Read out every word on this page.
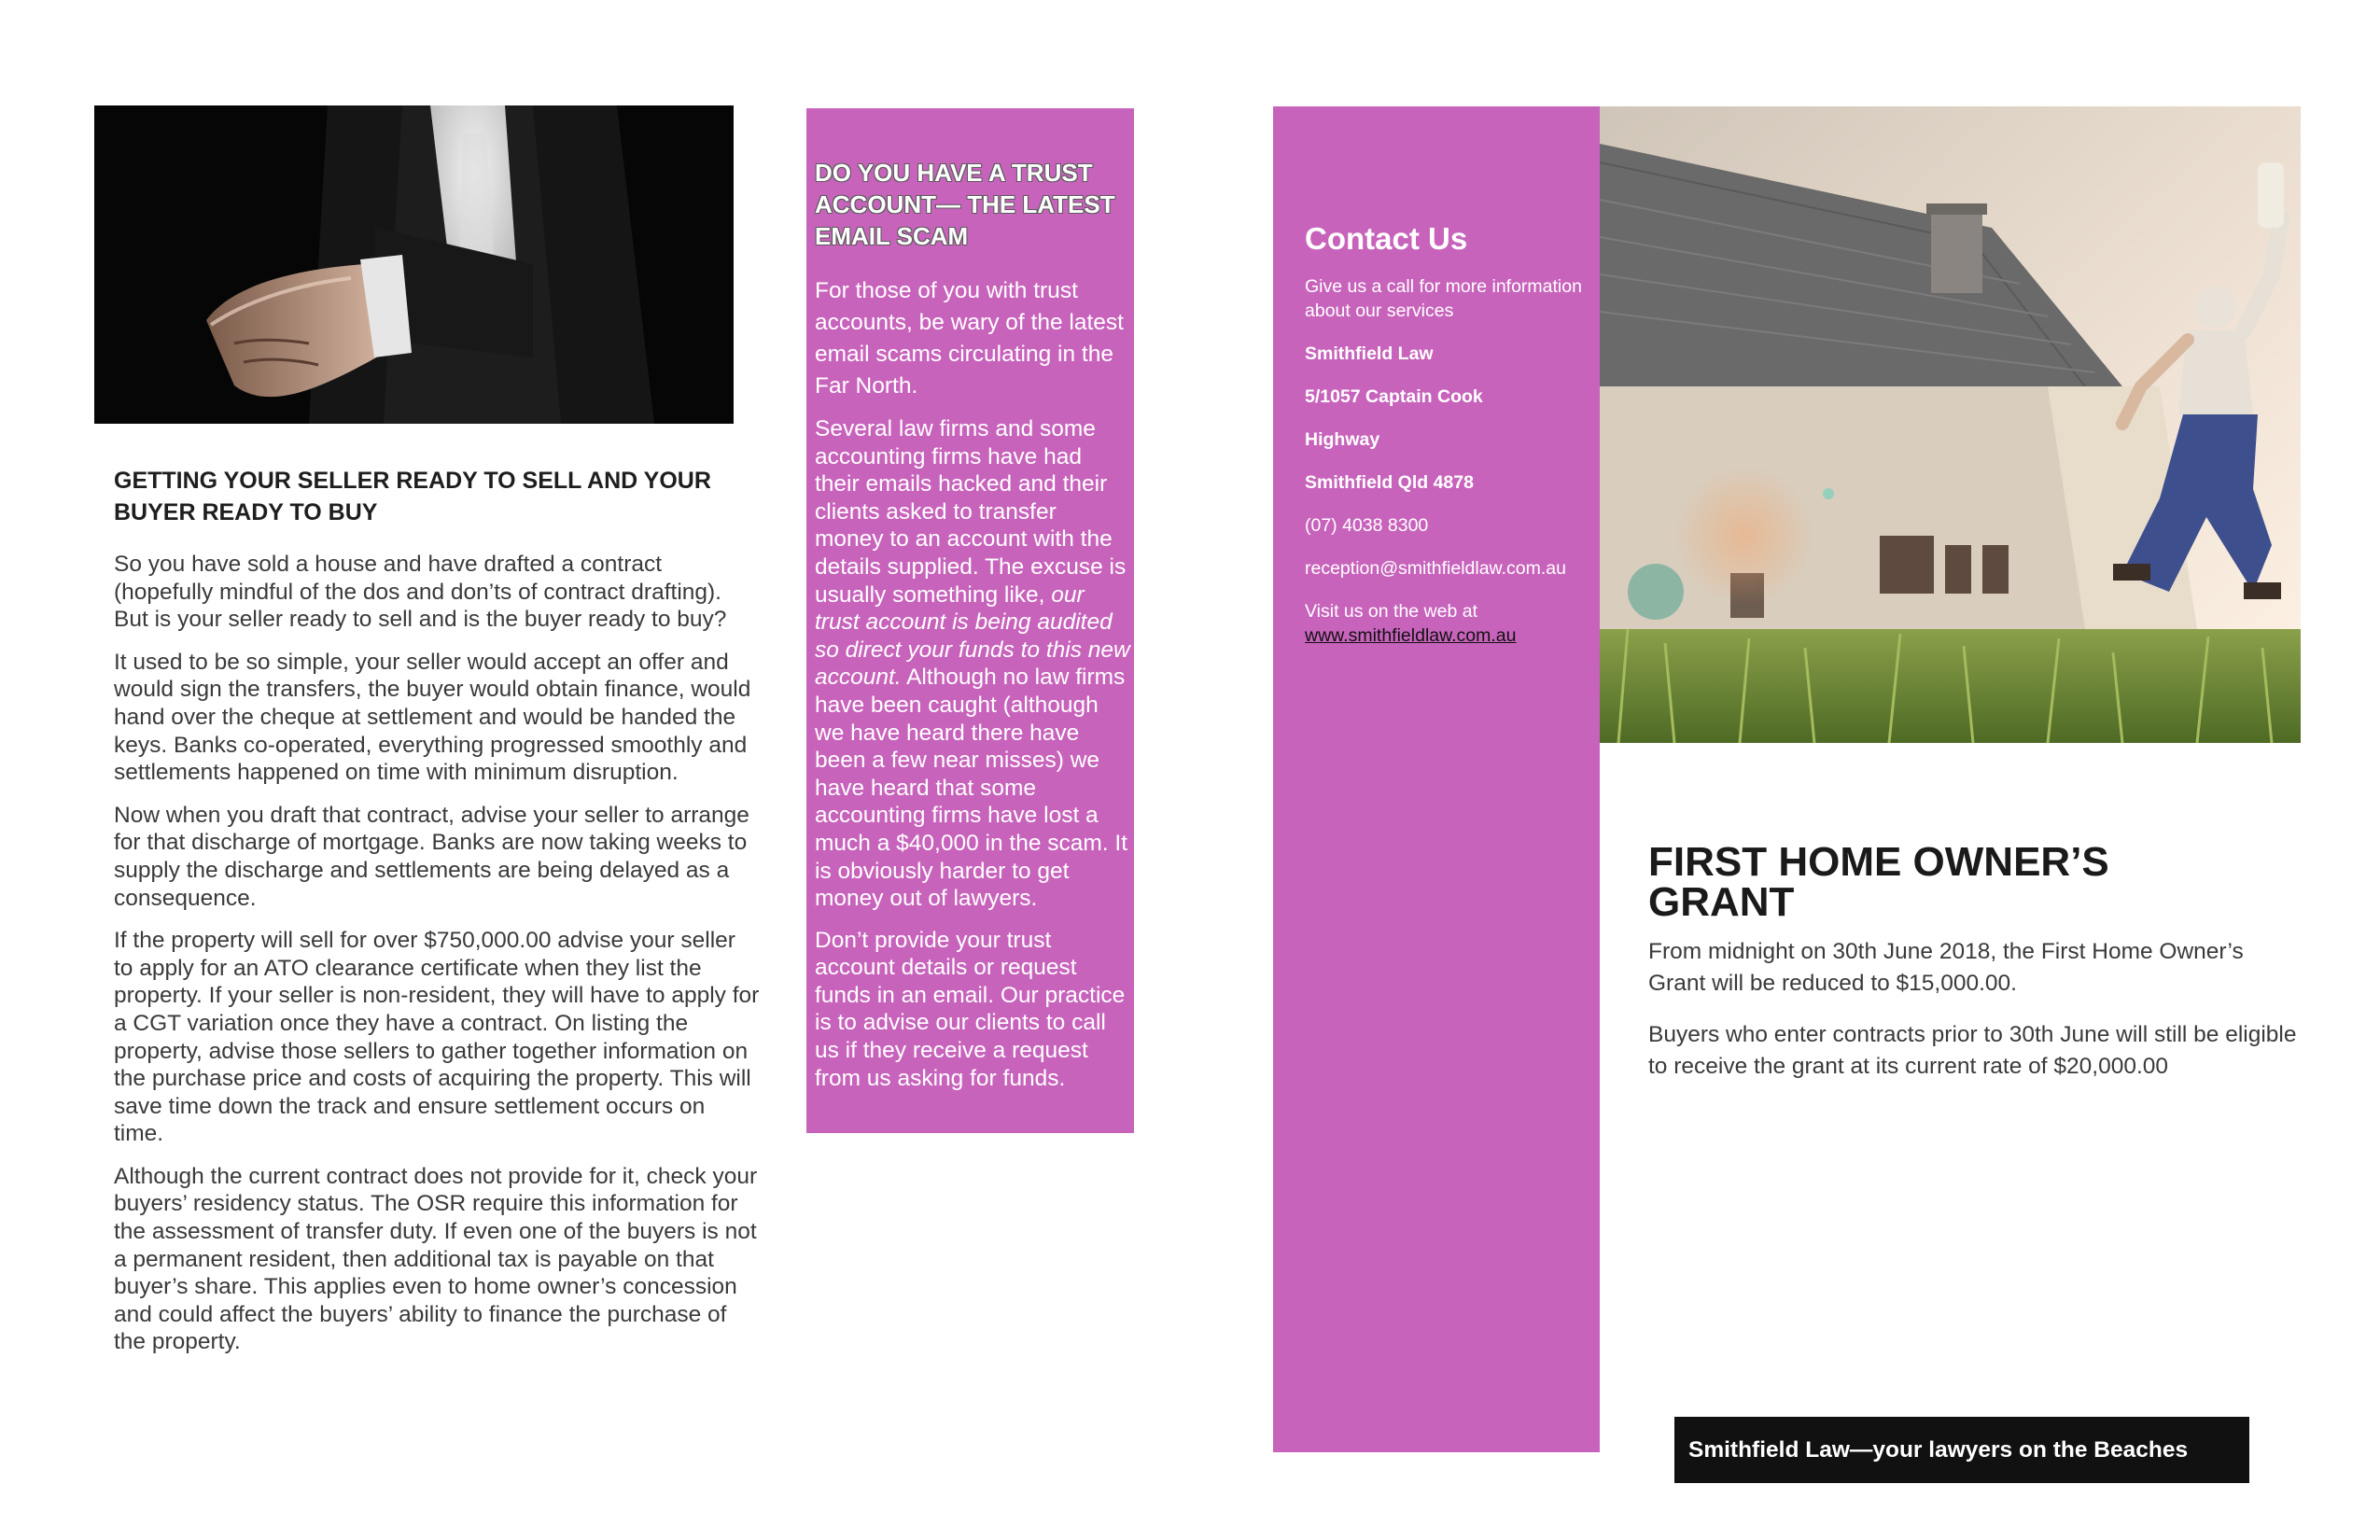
GETTING YOUR SELLER READY TO SELL AND YOUR BUYER READY TO BUY

So you have sold a house and have drafted a contract (hopefully mindful of the dos and don’ts of contract drafting). But is your seller ready to sell and is the buyer ready to buy?

It used to be so simple, your seller would accept an offer and would sign the transfers, the buyer would obtain finance, would hand over the cheque at settlement and would be handed the keys. Banks co-operated, everything progressed smoothly and settlements happened on time with minimum disruption.

Now when you draft that contract, advise your seller to arrange for that discharge of mortgage. Banks are now taking weeks to supply the discharge and settlements are being delayed as a consequence.

If the property will sell for over $750,000.00 advise your seller to apply for an ATO clearance certificate when they list the property. If your seller is non-resident, they will have to apply for a CGT variation once they have a contract. On listing the property, advise those sellers to gather together information on the purchase price and costs of acquiring the property. This will save time down the track and ensure settlement occurs on time.

Although the current contract does not provide for it, check your buyers’ residency status. The OSR require this information for the assessment of transfer duty. If even one of the buyers is not a permanent resident, then additional tax is payable on that buyer’s share. This applies even to home owner’s concession and could affect the buyers’ ability to finance the purchase of the property.

DO YOU HAVE A TRUST ACCOUNT— THE LATEST EMAIL SCAM

For those of you with trust accounts, be wary of the latest email scams circulating in the Far North.

Several law firms and some accounting firms have had their emails hacked and their clients asked to transfer money to an account with the details supplied. The excuse is usually something like, our trust account is being audited so direct your funds to this new account. Although no law firms have been caught (although we have heard there have been a few near misses) we have heard that some accounting firms have lost a much a $40,000 in the scam. It is obviously harder to get money out of lawyers.

Don’t provide your trust account details or request funds in an email. Our practice is to advise our clients to call us if they receive a request from us asking for funds.

Contact Us
Give us a call for more information about our services
Smithfield Law
5/1057 Captain Cook
Highway
Smithfield Qld 4878
(07) 4038 8300
reception@smithfieldlaw.com.au
Visit us on the web at
www.smithfieldlaw.com.au
FIRST HOME OWNER’S GRANT

From midnight on 30th June 2018, the First Home Owner’s Grant will be reduced to $15,000.00.

Buyers who enter contracts prior to 30th June will still be eligible to receive the grant at its current rate of $20,000.00

Smithfield Law—your lawyers on the Beaches
